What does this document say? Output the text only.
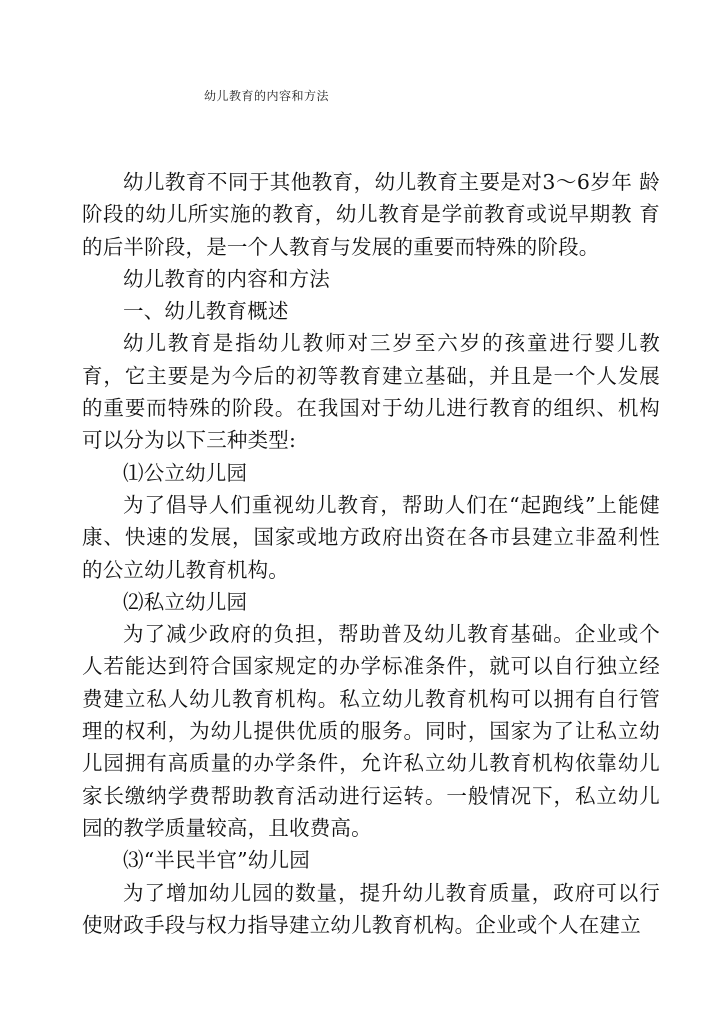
幼儿教育的内容和方法

幼儿教育不同于其他教育，幼儿教育主要是对3～6岁年 龄阶段的幼儿所实施的教育，幼儿教育是学前教育或说早期教 育的后半阶段，是一个人教育与发展的重要而特殊的阶段。

幼儿教育的内容和方法

一、幼儿教育概述

幼儿教育是指幼儿教师对三岁至六岁的孩童进行婴儿教育，它主要是为今后的初等教育建立基础，并且是一个人发展的重要而特殊的阶段。在我国对于幼儿进行教育的组织、机构可以分为以下三种类型:

⑴公立幼儿园

为了倡导人们重视幼儿教育，帮助人们在“起跑线”上能健康、快速的发展，国家或地方政府出资在各市县建立非盈利性的公立幼儿教育机构。

⑵私立幼儿园

为了减少政府的负担，帮助普及幼儿教育基础。企业或个人若能达到符合国家规定的办学标准条件，就可以自行独立经费建立私人幼儿教育机构。私立幼儿教育机构可以拥有自行管理的权利，为幼儿提供优质的服务。同时，国家为了让私立幼儿园拥有高质量的办学条件，允许私立幼儿教育机构依靠幼儿家长缴纳学费帮助教育活动进行运转。一般情况下，私立幼儿园的教学质量较高，且收费高。

⑶“半民半官”幼儿园

为了增加幼儿园的数量，提升幼儿教育质量，政府可以行使财政手段与权力指导建立幼儿教育机构。企业或个人在建立
